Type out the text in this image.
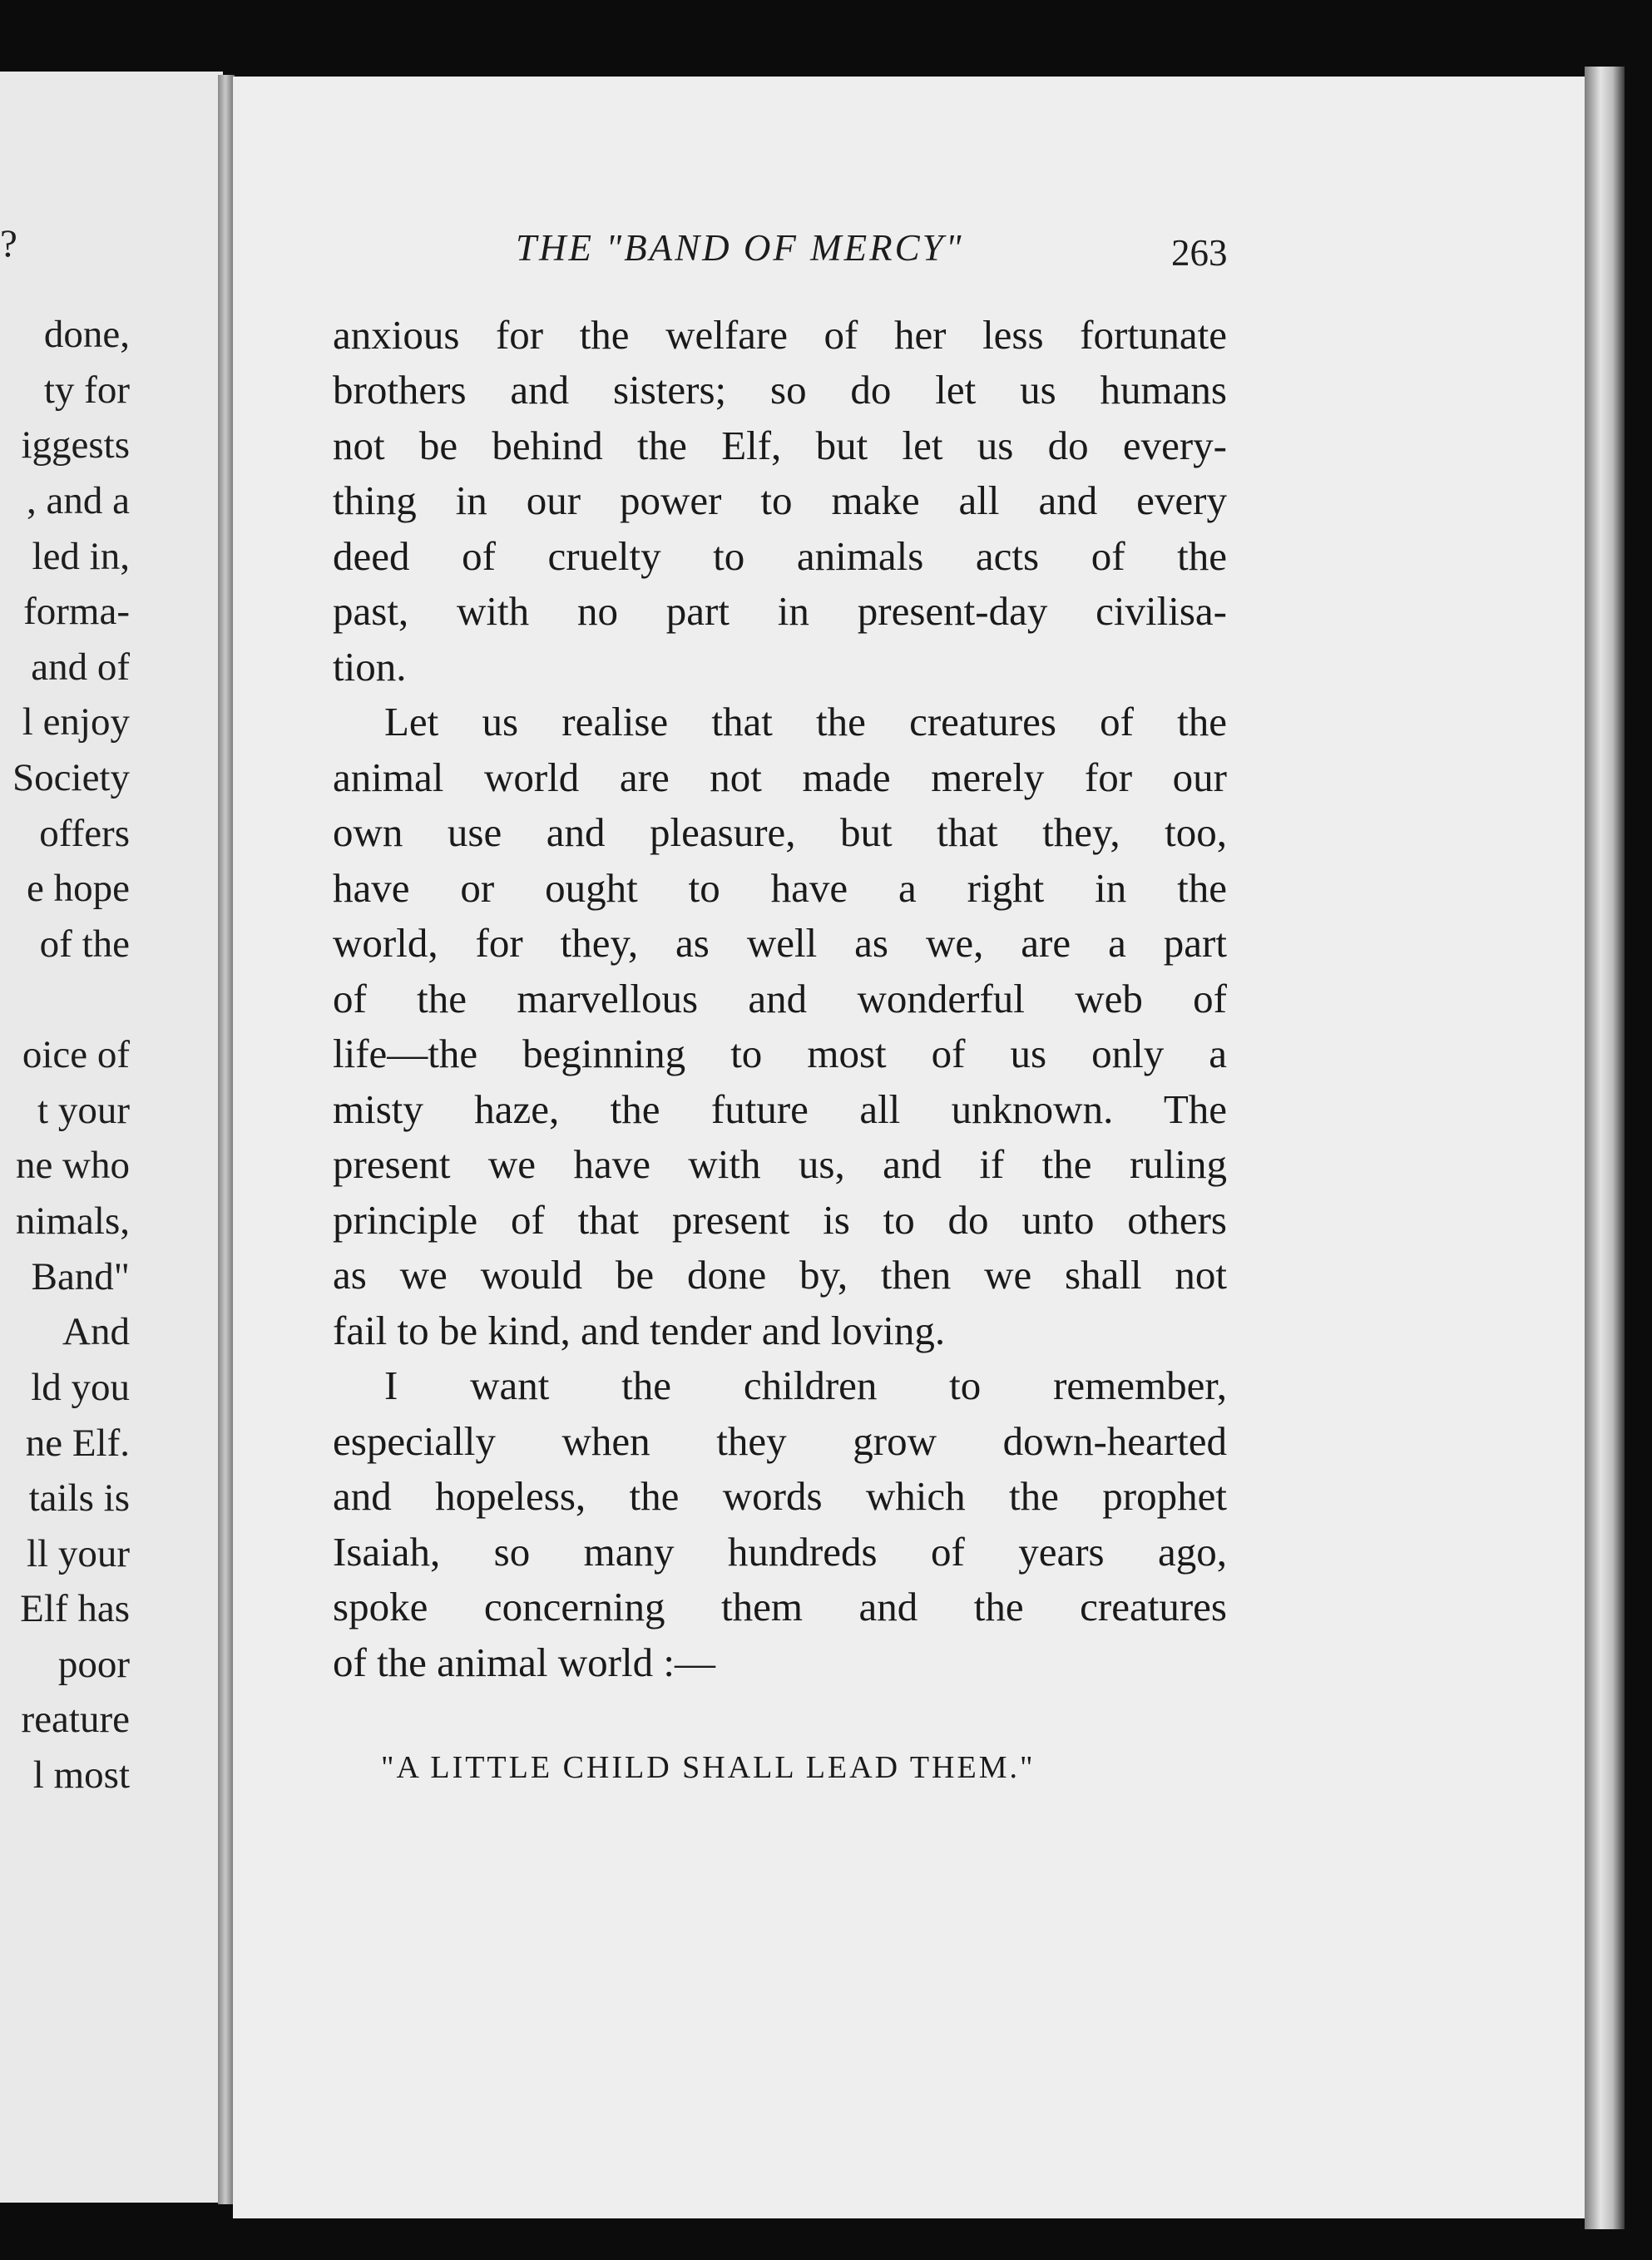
?
done,
ty for
iggests
, and a
led in,
forma-
and of
l enjoy
Society
offers
e hope
of the
oice of
t your
ne who
nimals,
Band"
And
ld you
ne Elf.
tails is
ll your
Elf has
poor
reature
l most
THE "BAND OF MERCY"	263
anxious for the welfare of her less fortunate
brothers and sisters; so do let us humans
not be behind the Elf, but let us do every-
thing in our power to make all and every
deed of cruelty to animals acts of the
past, with no part in present-day civilisa-
tion.
Let us realise that the creatures of the
animal world are not made merely for our
own use and pleasure, but that they, too,
have or ought to have a right in the
world, for they, as well as we, are a part
of the marvellous and wonderful web of
life—the beginning to most of us only a
misty haze, the future all unknown. The
present we have with us, and if the ruling
principle of that present is to do unto others
as we would be done by, then we shall not
fail to be kind, and tender and loving.
I want the children to remember,
especially when they grow down-hearted
and hopeless, the words which the prophet
Isaiah, so many hundreds of years ago,
spoke concerning them and the creatures
of the animal world :—
"A LITTLE CHILD SHALL LEAD THEM."
